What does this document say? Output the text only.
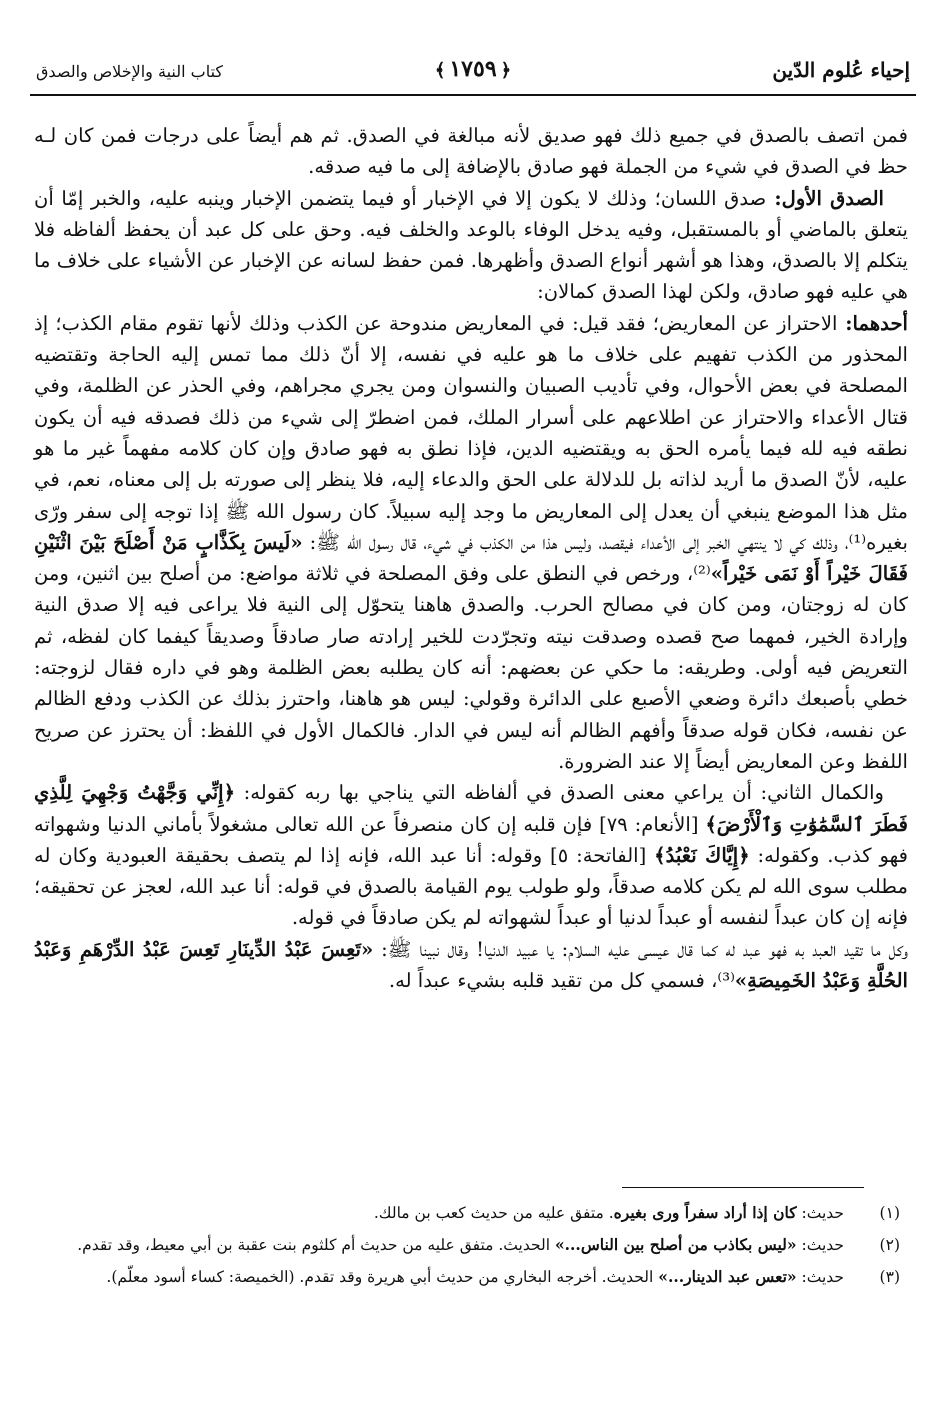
إحياء عُلوم الدّين
﴿١٧٥٩﴾
كتاب النية والإخلاص والصدق

فمن اتصف بالصدق في جميع ذلك فهو صديق لأنه مبالغة في الصدق. ثم هم أيضاً على درجات فمن كان لـه حظ في الصدق في شيء من الجملة فهو صادق بالإضافة إلى ما فيه صدقه.

الصدق الأول: صدق اللسان؛ وذلك لا يكون إلا في الإخبار أو فيما يتضمن الإخبار وينبه عليه، والخبر إمّا أن يتعلق بالماضي أو بالمستقبل، وفيه يدخل الوفاء بالوعد والخلف فيه. وحق على كل عبد أن يحفظ ألفاظه فلا يتكلم إلا بالصدق، وهذا هو أشهر أنواع الصدق وأظهرها. فمن حفظ لسانه عن الإخبار عن الأشياء على خلاف ما هي عليه فهو صادق، ولكن لهذا الصدق كمالان:

أحدهما: الاحتراز عن المعاريض؛ فقد قيل: في المعاريض مندوحة عن الكذب وذلك لأنها تقوم مقام الكذب؛ إذ المحذور من الكذب تفهيم على خلاف ما هو عليه في نفسه، إلا أنّ ذلك مما تمس إليه الحاجة وتقتضيه المصلحة في بعض الأحوال، وفي تأديب الصبيان والنسوان ومن يجري مجراهم، وفي الحذر عن الظلمة، وفي قتال الأعداء والاحتراز عن اطلاعهم على أسرار الملك، فمن اضطرّ إلى شيء من ذلك فصدقه فيه أن يكون نطقه فيه لله فيما يأمره الحق به ويقتضيه الدين، فإذا نطق به فهو صادق وإن كان كلامه مفهماً غير ما هو عليه، لأنّ الصدق ما أريد لذاته بل للدلالة على الحق والدعاء إليه، فلا ينظر إلى صورته بل إلى معناه، نعم، في مثل هذا الموضع ينبغي أن يعدل إلى المعاريض ما وجد إليه سبيلاً. كان رسول الله ﷺ إذا توجه إلى سفر ورّى بغيره⁽¹⁾، وذلك كي لا ينتهي الخبر إلى الأعداء فيقصد، وليس هذا من الكذب في شيء، قال رسول الله ﷺ: «لَيسَ بِكَذَّابٍ مَنْ أَصْلَحَ بَيْنَ اثْنَيْنِ فَقَالَ خَيْراً أَوْ نَمَى خَيْراً»⁽²⁾، ورخص في النطق على وفق المصلحة في ثلاثة مواضع: من أصلح بين اثنين، ومن كان له زوجتان، ومن كان في مصالح الحرب. والصدق هاهنا يتحوّل إلى النية فلا يراعى فيه إلا صدق النية وإرادة الخير، فمهما صح قصده وصدقت نيته وتجرّدت للخير إرادته صار صادقاً وصديقاً كيفما كان لفظه، ثم التعريض فيه أولى. وطريقه: ما حكي عن بعضهم: أنه كان يطلبه بعض الظلمة وهو في داره فقال لزوجته: خطي بأصبعك دائرة وضعي الأصبع على الدائرة وقولي: ليس هو هاهنا، واحترز بذلك عن الكذب ودفع الظالم عن نفسه، فكان قوله صدقاً وأفهم الظالم أنه ليس في الدار. فالكمال الأول في اللفظ: أن يحترز عن صريح اللفظ وعن المعاريض أيضاً إلا عند الضرورة.

والكمال الثاني: أن يراعي معنى الصدق في ألفاظه التي يناجي بها ربه كقوله: ﴿إِنِّي وَجَّهْتُ وَجْهِيَ لِلَّذِي فَطَرَ ٱلسَّمَٰوَٰتِ وَٱلْأَرْضَ﴾ [الأنعام: ٧٩] فإن قلبه إن كان منصرفاً عن الله تعالى مشغولاً بأماني الدنيا وشهواته فهو كذب. وكقوله: ﴿إِيَّاكَ نَعْبُدُ﴾ [الفاتحة: ٥] وقوله: أنا عبد الله، فإنه إذا لم يتصف بحقيقة العبودية وكان له مطلب سوى الله لم يكن كلامه صدقاً، ولو طولب يوم القيامة بالصدق في قوله: أنا عبد الله، لعجز عن تحقيقه؛ فإنه إن كان عبداً لنفسه أو عبداً لدنيا أو عبداً لشهواته لم يكن صادقاً في قوله.

وكل ما تقيد العبد به فهو عبد له كما قال عيسى عليه السلام: يا عبيد الدنيا! وقال نبينا ﷺ: «تَعِسَ عَبْدُ الدِّينَارِ تَعِسَ عَبْدُ الدِّرْهَمِ وَعَبْدُ الحُلَّةِ وَعَبْدُ الخَمِيصَةِ»⁽³⁾، فسمي كل من تقيد قلبه بشيء عبداً له.

(١)
حديث: كان إذا أراد سفراً ورى بغيره. متفق عليه من حديث كعب بن مالك.
(٢)
حديث: «ليس بكاذب من أصلح بين الناس...» الحديث. متفق عليه من حديث أم كلثوم بنت عقبة بن أبي معيط، وقد تقدم.
(٣)
حديث: «تعس عبد الدينار...» الحديث. أخرجه البخاري من حديث أبي هريرة وقد تقدم. (الخميصة: كساء أسود معلّم).
